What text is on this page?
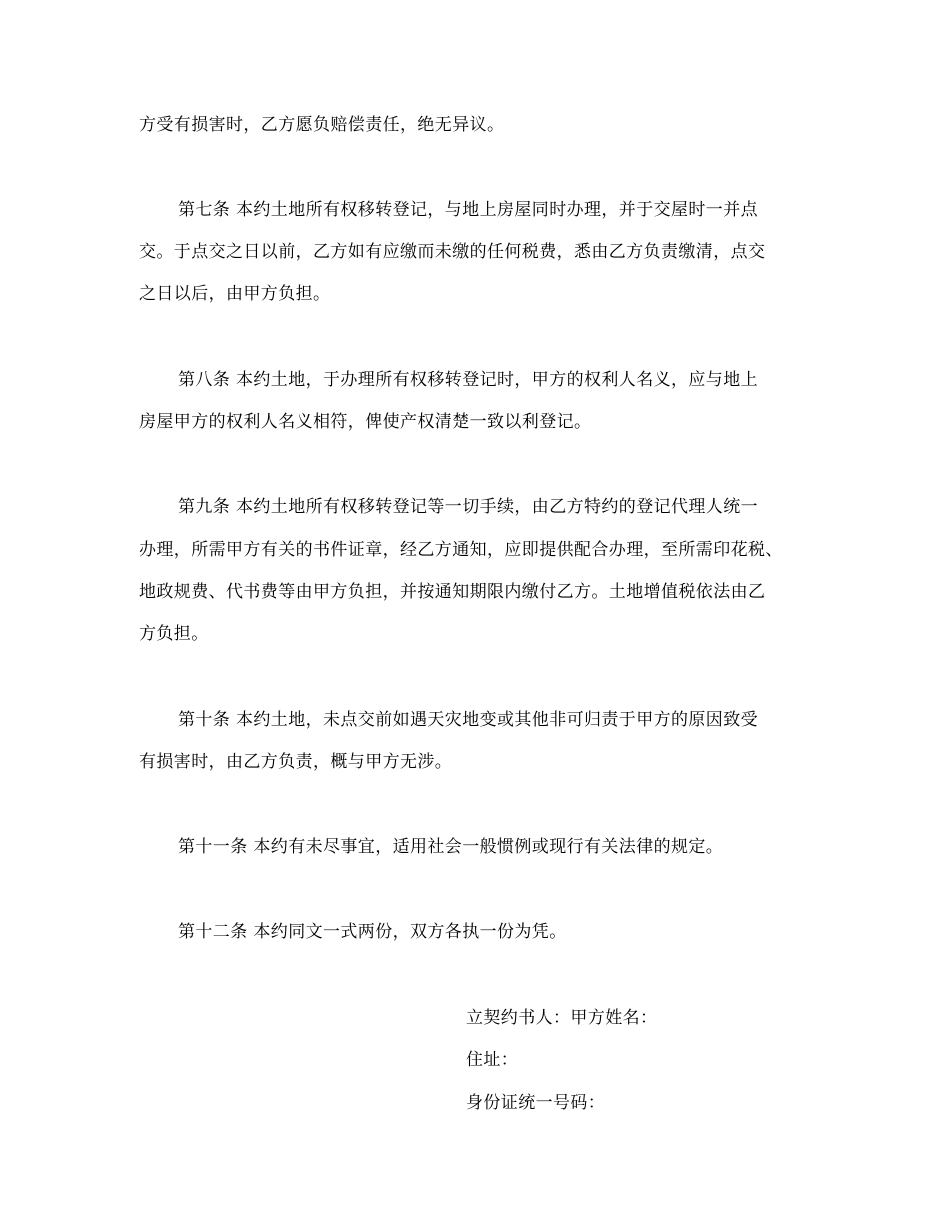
方受有损害时，乙方愿负赔偿责任，绝无异议。
第七条 本约土地所有权移转登记，与地上房屋同时办理，并于交屋时一并点
交。于点交之日以前，乙方如有应缴而未缴的任何税费，悉由乙方负责缴清，点交
之日以后，由甲方负担。
第八条 本约土地，于办理所有权移转登记时，甲方的权利人名义，应与地上
房屋甲方的权利人名义相符，俾使产权清楚一致以利登记。
第九条 本约土地所有权移转登记等一切手续，由乙方特约的登记代理人统一
办理，所需甲方有关的书件证章，经乙方通知，应即提供配合办理，至所需印花税、
地政规费、代书费等由甲方负担，并按通知期限内缴付乙方。土地增值税依法由乙
方负担。
第十条 本约土地，未点交前如遇天灾地变或其他非可归责于甲方的原因致受
有损害时，由乙方负责，概与甲方无涉。
第十一条 本约有未尽事宜，适用社会一般惯例或现行有关法律的规定。
第十二条 本约同文一式两份，双方各执一份为凭。
立契约书人：甲方姓名：
住址：
身份证统一号码：
